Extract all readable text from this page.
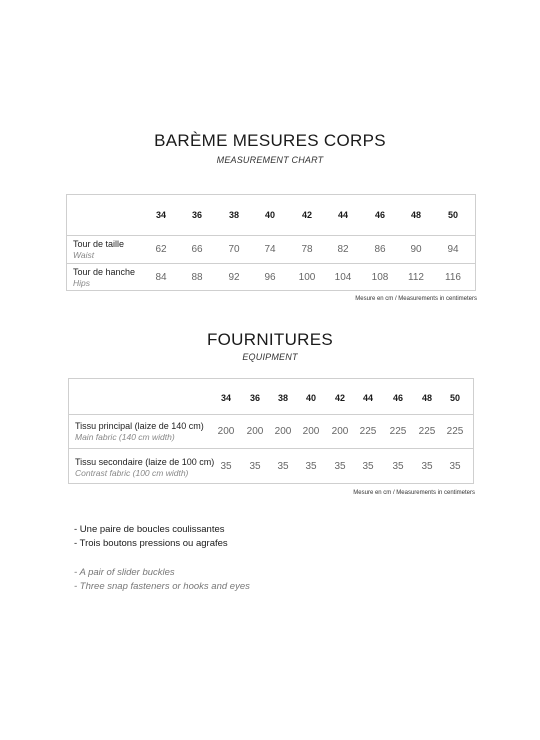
BARÈME MESURES CORPS
MEASUREMENT CHART
34	36	38	40	42	44	46	48	50
Tour de taille
Waist	62	66	70	74	78	82	86	90	94
Tour de hanche
Hips	84	88	92	96	100	104	108	112	116
Mesure en cm / Measurements in centimeters
FOURNITURES
EQUIPMENT
34	36	38	40	42	44	46	48	50
Tissu principal (laize de 140 cm)
Main fabric (140 cm width)	200	200	200	200	200	225	225	225	225
Tissu secondaire (laize de 100 cm)
Contrast fabric (100 cm width)
35	35	35	35	35	35	35	35	35
Mesure en cm / Measurements in centimeters
- Une paire de boucles coulissantes
- Trois boutons pressions ou agrafes
- A pair of slider buckles
- Three snap fasteners or hooks and eyes
